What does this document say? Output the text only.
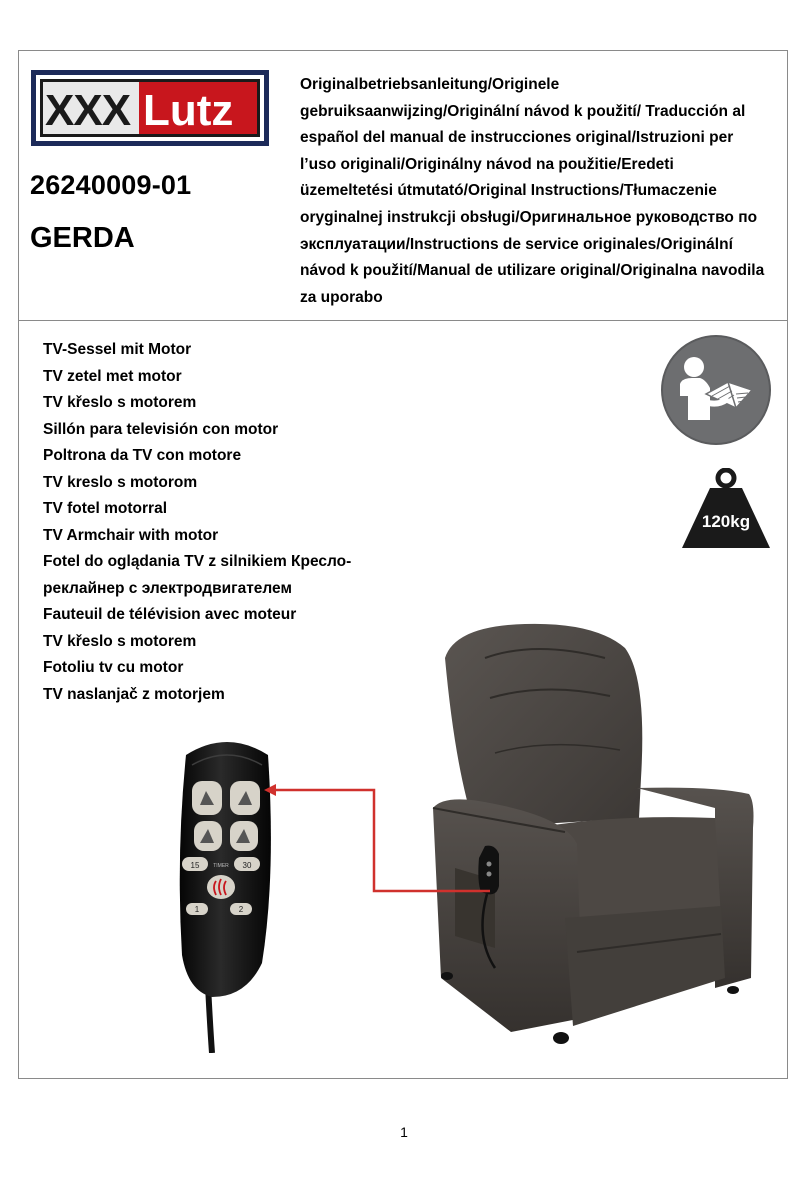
XXX Lutz
26240009-01
GERDA
Originalbetriebsanleitung/Originele gebruiksaanwijzing/Originální návod k použití/ Traducción al español del manual de instrucciones original/Istruzioni per l’uso originali/Originálny návod na použitie/Eredeti üzemeltetési útmutató/Original Instructions/Tłumaczenie oryginalnej instrukcji obsługi/Оригинальное руководство по эксплуатации/Instructions de service originales/Originální návod k použití/Manual de utilizare original/Originalna navodila za uporabo
TV-Sessel mit Motor
TV zetel met motor
TV křeslo s motorem
Sillón para televisión con motor
Poltrona da TV con motore
TV kreslo s motorom
TV fotel motorral
TV Armchair with motor
Fotel do oglądania TV z silnikiem Кресло-
реклайнер с электродвигателем
Fauteuil de télévision avec moteur
TV křeslo s motorem
Fotoliu tv cu motor
TV naslanjač z motorjem
120kg
15	TIMER 30
1	2
1
